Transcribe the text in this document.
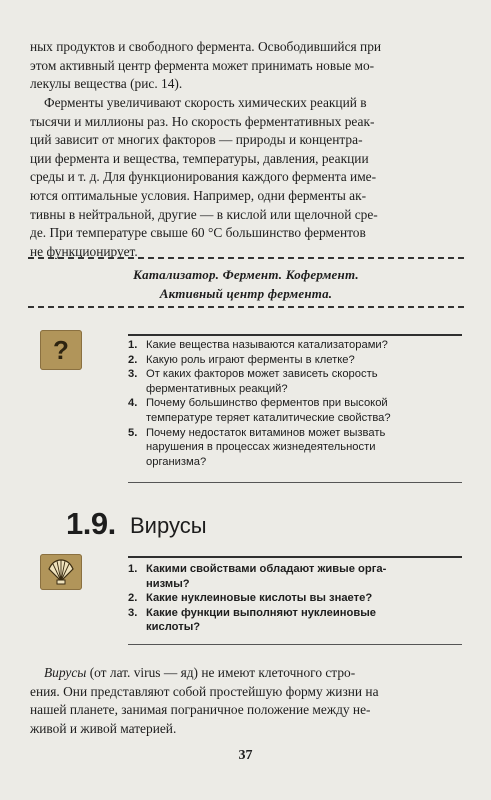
ных продуктов и свободного фермента. Освободившийся при
этом активный центр фермента может принимать новые мо-
лекулы вещества (рис. 14).

Ферменты увеличивают скорость химических реакций в
тысячи и миллионы раз. Но скорость ферментативных реак-
ций зависит от многих факторов — природы и концентра-
ции фермента и вещества, температуры, давления, реакции
среды и т. д. Для функционирования каждого фермента име-
ются оптимальные условия. Например, одни ферменты ак-
тивны в нейтральной, другие — в кислой или щелочной сре-
де. При температуре свыше 60 °С большинство ферментов
не функционирует.

Катализатор. Фермент. Кофермент.
Активный центр фермента.
?	1. Какие вещества называются катализаторами?
2. Какую роль играют ферменты в клетке?
3. От каких факторов может зависеть скорость
ферментативных реакций?
4. Почему большинство ферментов при высокой
температуре теряет каталитические свойства?
5. Почему недостаток витаминов может вызвать
нарушения в процессах жизнедеятельности
организма?
1.9. Вирусы
1. Какими свойствами обладают живые орга-
низмы?
2. Какие нуклеиновые кислоты вы знаете?
3. Какие функции выполняют нуклеиновые
кислоты?

Вирусы (от лат. virus — яд) не имеют клеточного стро-
ения. Они представляют собой простейшую форму жизни на
нашей планете, занимая пограничное положение между не-
живой и живой материей.

37
